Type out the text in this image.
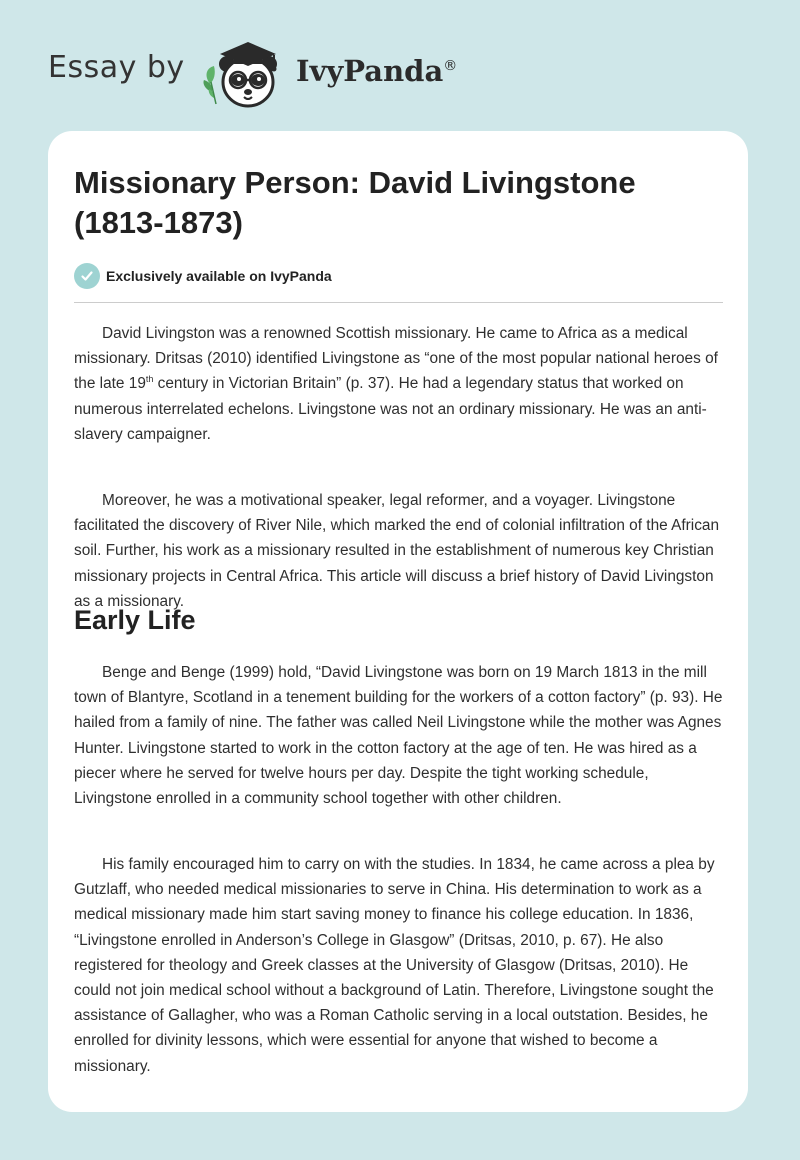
Essay by	IvyPanda®
Missionary Person: David Livingstone (1813-1873)
Exclusively available on IvyPanda

David Livingston was a renowned Scottish missionary. He came to Africa as a medical missionary. Dritsas (2010) identified Livingstone as “one of the most popular national heroes of the late 19th century in Victorian Britain” (p. 37). He had a legendary status that worked on numerous interrelated echelons. Livingstone was not an ordinary missionary. He was an anti-slavery campaigner.

Moreover, he was a motivational speaker, legal reformer, and a voyager. Livingstone facilitated the discovery of River Nile, which marked the end of colonial infiltration of the African soil. Further, his work as a missionary resulted in the establishment of numerous key Christian missionary projects in Central Africa. This article will discuss a brief history of David Livingston as a missionary.

Early Life

Benge and Benge (1999) hold, “David Livingstone was born on 19 March 1813 in the mill town of Blantyre, Scotland in a tenement building for the workers of a cotton factory” (p. 93). He hailed from a family of nine. The father was called Neil Livingstone while the mother was Agnes Hunter. Livingstone started to work in the cotton factory at the age of ten. He was hired as a piecer where he served for twelve hours per day. Despite the tight working schedule, Livingstone enrolled in a community school together with other children.

His family encouraged him to carry on with the studies. In 1834, he came across a plea by Gutzlaff, who needed medical missionaries to serve in China. His determination to work as a medical missionary made him start saving money to finance his college education. In 1836, “Livingstone enrolled in Anderson’s College in Glasgow” (Dritsas, 2010, p. 67). He also registered for theology and Greek classes at the University of Glasgow (Dritsas, 2010). He could not join medical school without a background of Latin. Therefore, Livingstone sought the assistance of Gallagher, who was a Roman Catholic serving in a local outstation. Besides, he enrolled for divinity lessons, which were essential for anyone that wished to become a missionary.
